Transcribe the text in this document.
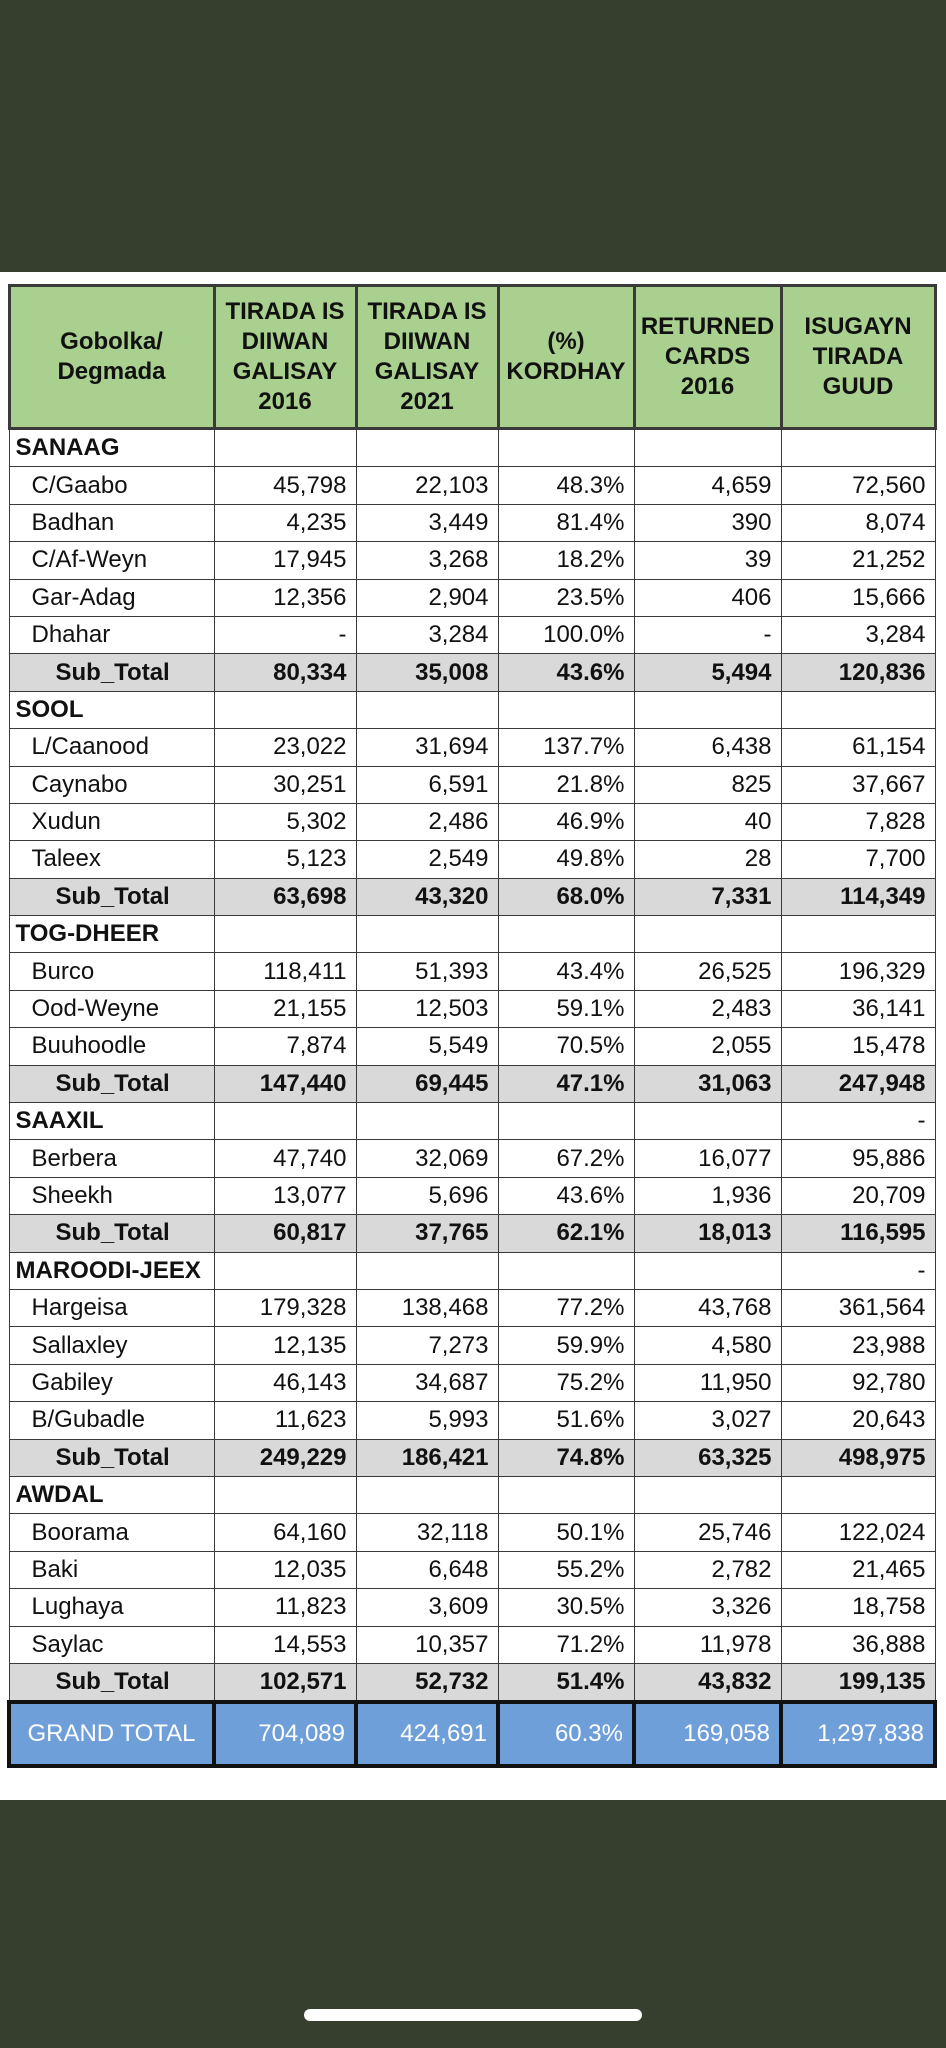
Gobolka/ Degmada	TIRADA IS DIIWAN GALISAY 2016	TIRADA IS DIIWAN GALISAY 2021	(%) KORDHAY	RETURNED CARDS 2016	ISUGAYN TIRADA GUUD
SANAAG					
C/Gaabo	45,798	22,103	48.3%	4,659	72,560
Badhan	4,235	3,449	81.4%	390	8,074
C/Af-Weyn	17,945	3,268	18.2%	39	21,252
Gar-Adag	12,356	2,904	23.5%	406	15,666
Dhahar	-	3,284	100.0%	-	3,284
Sub_Total	80,334	35,008	43.6%	5,494	120,836
SOOL					
L/Caanood	23,022	31,694	137.7%	6,438	61,154
Caynabo	30,251	6,591	21.8%	825	37,667
Xudun	5,302	2,486	46.9%	40	7,828
Taleex	5,123	2,549	49.8%	28	7,700
Sub_Total	63,698	43,320	68.0%	7,331	114,349
TOG-DHEER					
Burco	118,411	51,393	43.4%	26,525	196,329
Ood-Weyne	21,155	12,503	59.1%	2,483	36,141
Buuhoodle	7,874	5,549	70.5%	2,055	15,478
Sub_Total	147,440	69,445	47.1%	31,063	247,948
SAAXIL					-
Berbera	47,740	32,069	67.2%	16,077	95,886
Sheekh	13,077	5,696	43.6%	1,936	20,709
Sub_Total	60,817	37,765	62.1%	18,013	116,595
MAROODI-JEEX					-
Hargeisa	179,328	138,468	77.2%	43,768	361,564
Sallaxley	12,135	7,273	59.9%	4,580	23,988
Gabiley	46,143	34,687	75.2%	11,950	92,780
B/Gubadle	11,623	5,993	51.6%	3,027	20,643
Sub_Total	249,229	186,421	74.8%	63,325	498,975
AWDAL					
Boorama	64,160	32,118	50.1%	25,746	122,024
Baki	12,035	6,648	55.2%	2,782	21,465
Lughaya	11,823	3,609	30.5%	3,326	18,758
Saylac	14,553	10,357	71.2%	11,978	36,888
Sub_Total	102,571	52,732	51.4%	43,832	199,135
GRAND TOTAL	704,089	424,691	60.3%	169,058	1,297,838
